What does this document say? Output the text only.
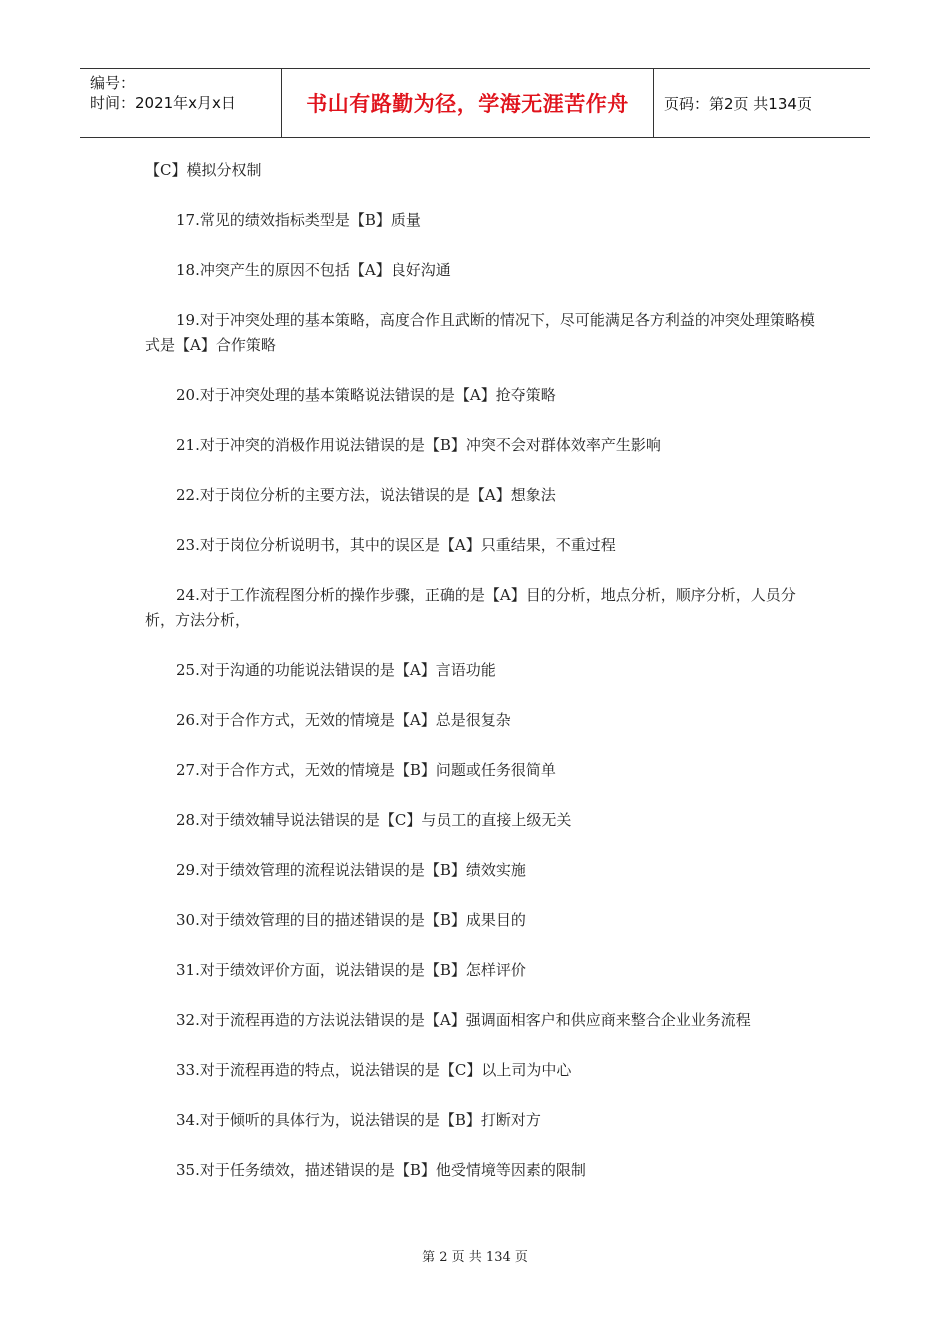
编号：
时间：2021年x月x日	书山有路勤为径，学海无涯苦作舟	页码：第2页 共134页

【C】模拟分权制

17.常见的绩效指标类型是【B】质量

18.冲突产生的原因不包括【A】良好沟通

19.对于冲突处理的基本策略，高度合作且武断的情况下，尽可能满足各方利益的冲突处理策略模式是【A】合作策略

20.对于冲突处理的基本策略说法错误的是【A】抢夺策略

21.对于冲突的消极作用说法错误的是【B】冲突不会对群体效率产生影响

22.对于岗位分析的主要方法，说法错误的是【A】想象法

23.对于岗位分析说明书，其中的误区是【A】只重结果，不重过程

24.对于工作流程图分析的操作步骤，正确的是【A】目的分析，地点分析，顺序分析，人员分析，方法分析，

25.对于沟通的功能说法错误的是【A】言语功能

26.对于合作方式，无效的情境是【A】总是很复杂

27.对于合作方式，无效的情境是【B】问题或任务很简单

28.对于绩效辅导说法错误的是【C】与员工的直接上级无关

29.对于绩效管理的流程说法错误的是【B】绩效实施

30.对于绩效管理的目的描述错误的是【B】成果目的

31.对于绩效评价方面，说法错误的是【B】怎样评价

32.对于流程再造的方法说法错误的是【A】强调面相客户和供应商来整合企业业务流程

33.对于流程再造的特点，说法错误的是【C】以上司为中心

34.对于倾听的具体行为，说法错误的是【B】打断对方

35.对于任务绩效，描述错误的是【B】他受情境等因素的限制

第 2 页 共 134 页
